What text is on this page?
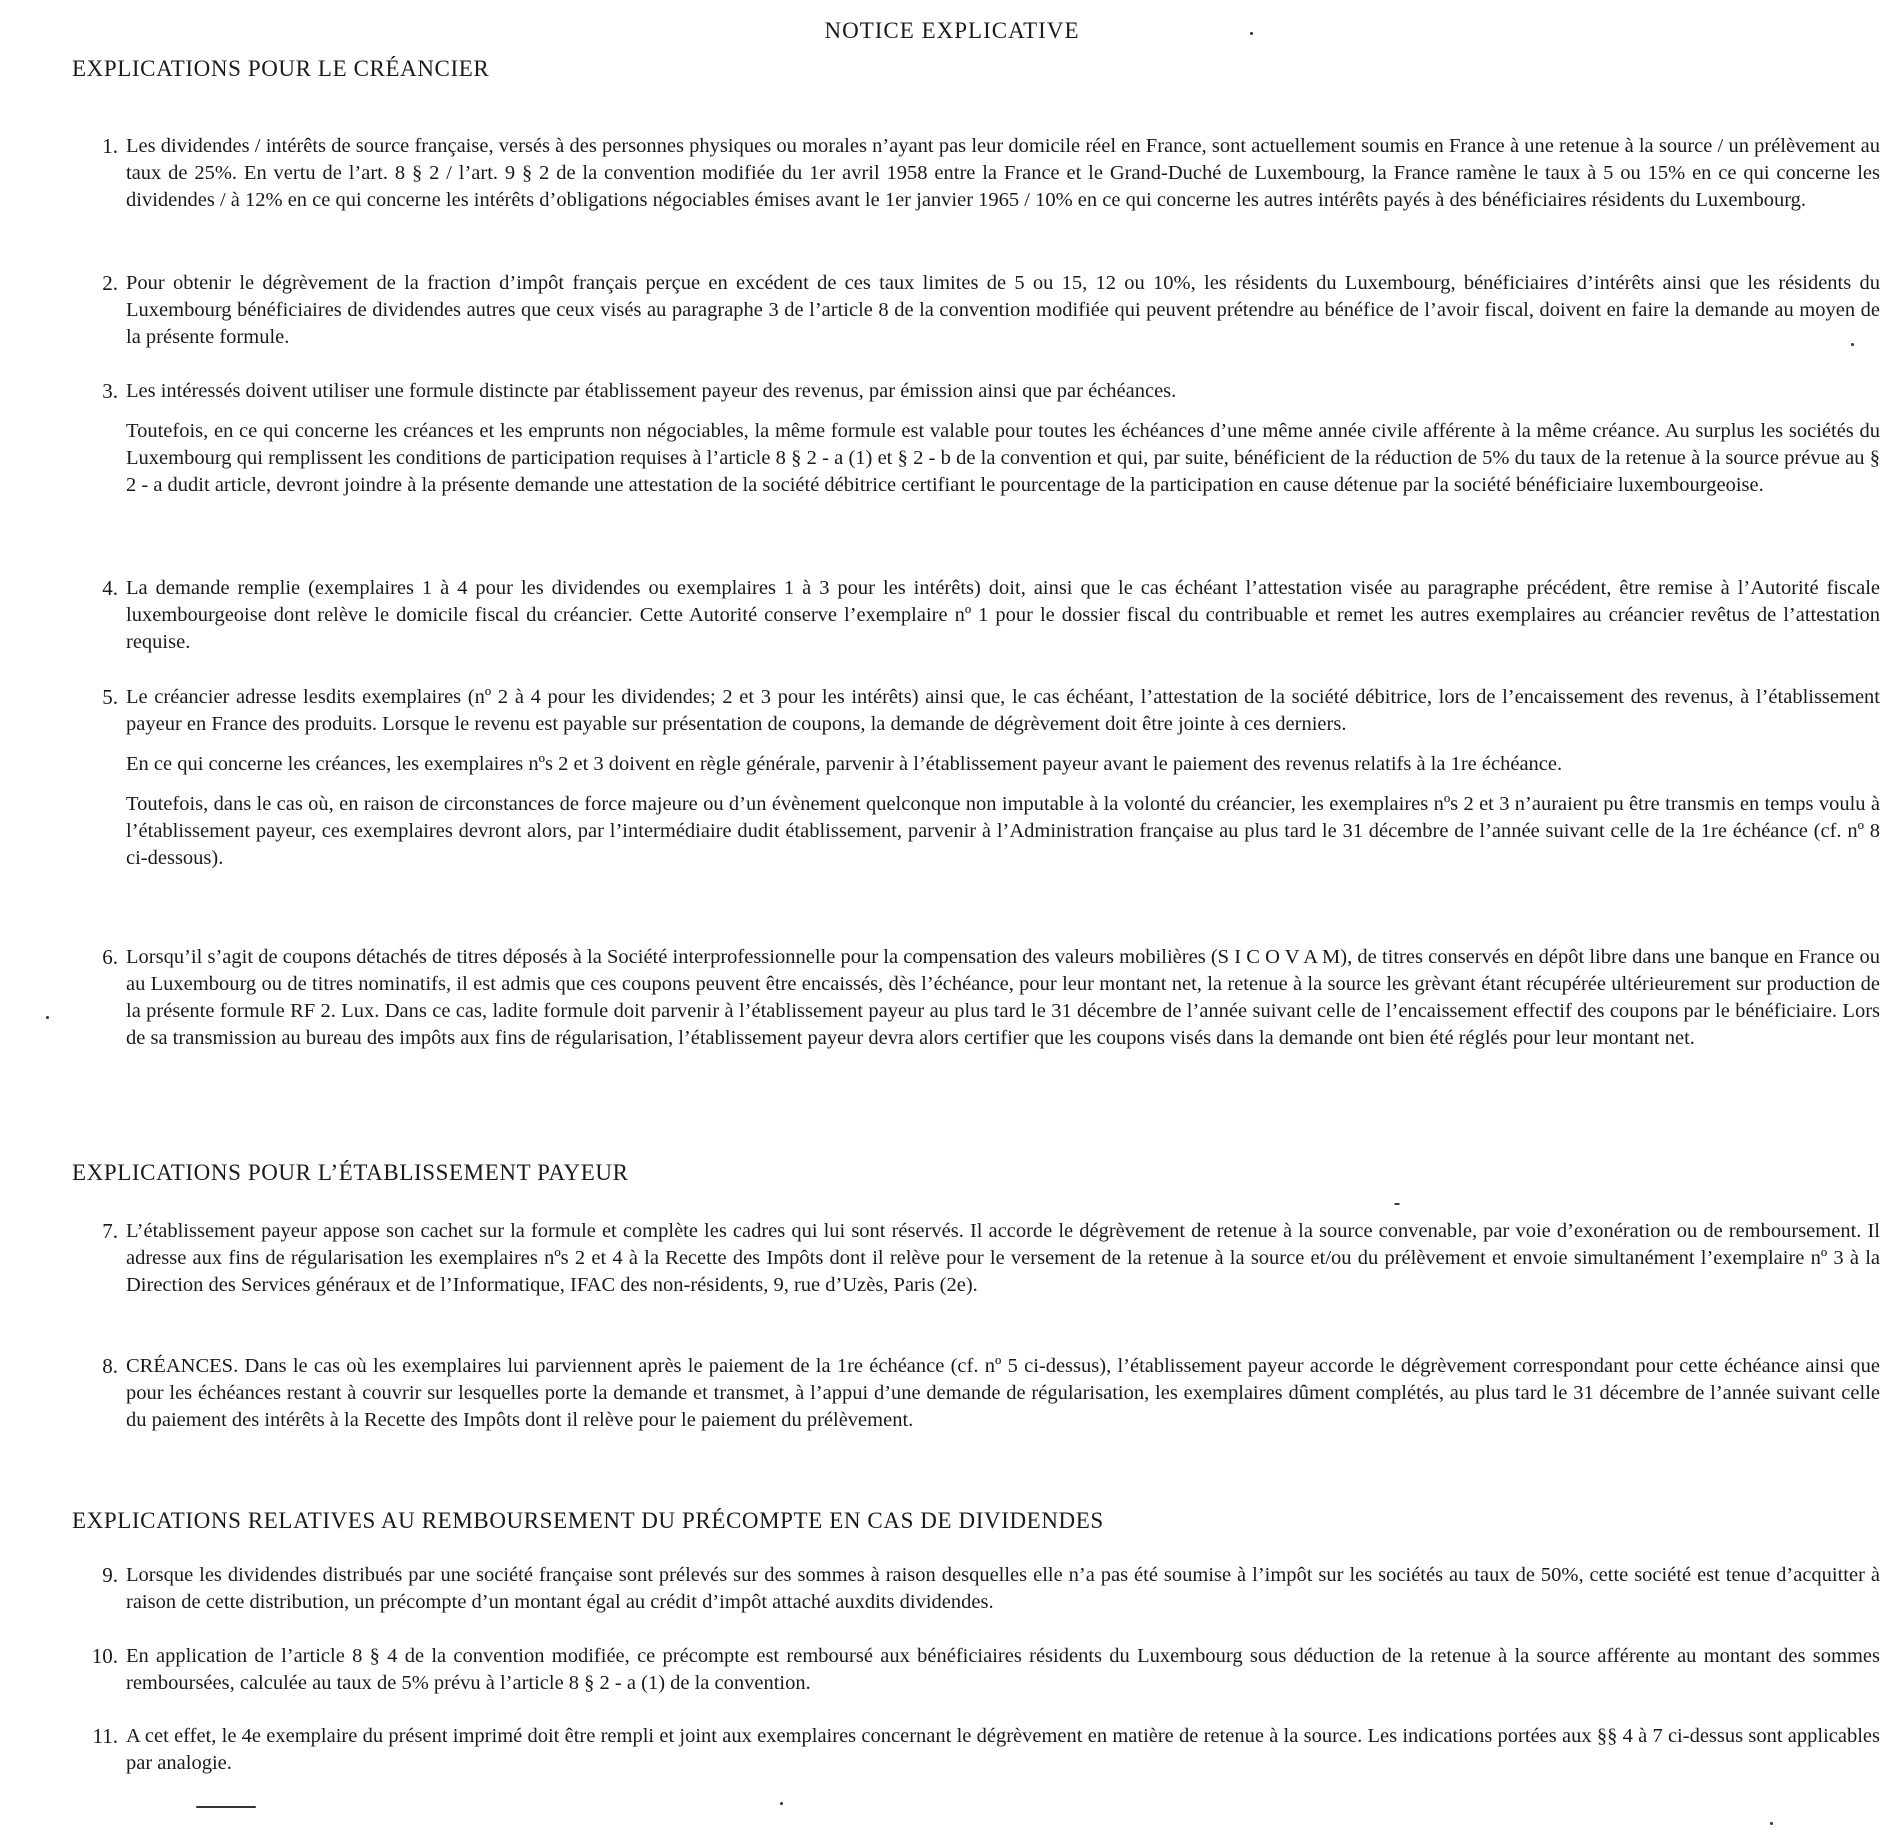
NOTICE EXPLICATIVE
EXPLICATIONS POUR LE CRÉANCIER
1. Les dividendes / intérêts de source française, versés à des personnes physiques ou morales n’ayant pas leur domicile réel en France, sont actuellement soumis en France à une retenue à la source / un prélèvement au taux de 25%. En vertu de l’art. 8 § 2 / l’art. 9 § 2 de la convention modifiée du 1er avril 1958 entre la France et le Grand-Duché de Luxembourg, la France ramène le taux à 5 ou 15% en ce qui concerne les dividendes / à 12% en ce qui concerne les intérêts d’obligations négociables émises avant le 1er janvier 1965 / 10% en ce qui concerne les autres intérêts payés à des bénéficiaires résidents du Luxembourg.

2. Pour obtenir le dégrèvement de la fraction d’impôt français perçue en excédent de ces taux limites de 5 ou 15, 12 ou 10%, les résidents du Luxembourg, bénéficiaires d’intérêts ainsi que les résidents du Luxembourg bénéficiaires de dividendes autres que ceux visés au paragraphe 3 de l’article 8 de la convention modifiée qui peuvent prétendre au bénéfice de l’avoir fiscal, doivent en faire la demande au moyen de la présente formule.

3. Les intéressés doivent utiliser une formule distincte par établissement payeur des revenus, par émission ainsi que par échéances.

Toutefois, en ce qui concerne les créances et les emprunts non négociables, la même formule est valable pour toutes les échéances d’une même année civile afférente à la même créance. Au surplus les sociétés du Luxembourg qui remplissent les conditions de participation requises à l’article 8 § 2 - a (1) et § 2 - b de la convention et qui, par suite, bénéficient de la réduction de 5% du taux de la retenue à la source prévue au § 2 - a dudit article, devront joindre à la présente demande une attestation de la société débitrice certifiant le pourcentage de la participation en cause détenue par la société bénéficiaire luxembourgeoise.

4. La demande remplie (exemplaires 1 à 4 pour les dividendes ou exemplaires 1 à 3 pour les intérêts) doit, ainsi que le cas échéant l’attestation visée au paragraphe précédent, être remise à l’Autorité fiscale luxembourgeoise dont relève le domicile fiscal du créancier. Cette Autorité conserve l’exemplaire nº 1 pour le dossier fiscal du contribuable et remet les autres exemplaires au créancier revêtus de l’attestation requise.

5. Le créancier adresse lesdits exemplaires (nº 2 à 4 pour les dividendes; 2 et 3 pour les intérêts) ainsi que, le cas échéant, l’attestation de la société débitrice, lors de l’encaissement des revenus, à l’établissement payeur en France des produits. Lorsque le revenu est payable sur présentation de coupons, la demande de dégrèvement doit être jointe à ces derniers.

En ce qui concerne les créances, les exemplaires nºs 2 et 3 doivent en règle générale, parvenir à l’établissement payeur avant le paiement des revenus relatifs à la 1re échéance.

Toutefois, dans le cas où, en raison de circonstances de force majeure ou d’un évènement quelconque non imputable à la volonté du créancier, les exemplaires nºs 2 et 3 n’auraient pu être transmis en temps voulu à l’établissement payeur, ces exemplaires devront alors, par l’intermédiaire dudit établissement, parvenir à l’Administration française au plus tard le 31 décembre de l’année suivant celle de la 1re échéance (cf. nº 8 ci-dessous).

6. Lorsqu’il s’agit de coupons détachés de titres déposés à la Société interprofessionnelle pour la compensation des valeurs mobilières (S I C O V A M), de titres conservés en dépôt libre dans une banque en France ou au Luxembourg ou de titres nominatifs, il est admis que ces coupons peuvent être encaissés, dès l’échéance, pour leur montant net, la retenue à la source les grèvant étant récupérée ultérieurement sur production de la présente formule RF 2. Lux. Dans ce cas, ladite formule doit parvenir à l’établissement payeur au plus tard le 31 décembre de l’année suivant celle de l’encaissement effectif des coupons par le bénéficiaire. Lors de sa transmission au bureau des impôts aux fins de régularisation, l’établissement payeur devra alors certifier que les coupons visés dans la demande ont bien été réglés pour leur montant net.

EXPLICATIONS POUR L’ÉTABLISSEMENT PAYEUR
7. L’établissement payeur appose son cachet sur la formule et complète les cadres qui lui sont réservés. Il accorde le dégrèvement de retenue à la source convenable, par voie d’exonération ou de remboursement. Il adresse aux fins de régularisation les exemplaires nºs 2 et 4 à la Recette des Impôts dont il relève pour le versement de la retenue à la source et/ou du prélèvement et envoie simultanément l’exemplaire nº 3 à la Direction des Services généraux et de l’Informatique, IFAC des non-résidents, 9, rue d’Uzès, Paris (2e).

8. CRÉANCES. Dans le cas où les exemplaires lui parviennent après le paiement de la 1re échéance (cf. nº 5 ci-dessus), l’établissement payeur accorde le dégrèvement correspondant pour cette échéance ainsi que pour les échéances restant à couvrir sur lesquelles porte la demande et transmet, à l’appui d’une demande de régularisation, les exemplaires dûment complétés, au plus tard le 31 décembre de l’année suivant celle du paiement des intérêts à la Recette des Impôts dont il relève pour le paiement du prélèvement.

EXPLICATIONS RELATIVES AU REMBOURSEMENT DU PRÉCOMPTE EN CAS DE DIVIDENDES
9. Lorsque les dividendes distribués par une société française sont prélevés sur des sommes à raison desquelles elle n’a pas été soumise à l’impôt sur les sociétés au taux de 50%, cette société est tenue d’acquitter à raison de cette distribution, un précompte d’un montant égal au crédit d’impôt attaché auxdits dividendes.

10. En application de l’article 8 § 4 de la convention modifiée, ce précompte est remboursé aux bénéficiaires résidents du Luxembourg sous déduction de la retenue à la source afférente au montant des sommes remboursées, calculée au taux de 5% prévu à l’article 8 § 2 - a (1) de la convention.

11. A cet effet, le 4e exemplaire du présent imprimé doit être rempli et joint aux exemplaires concernant le dégrèvement en matière de retenue à la source. Les indications portées aux §§ 4 à 7 ci-dessus sont applicables par analogie.
